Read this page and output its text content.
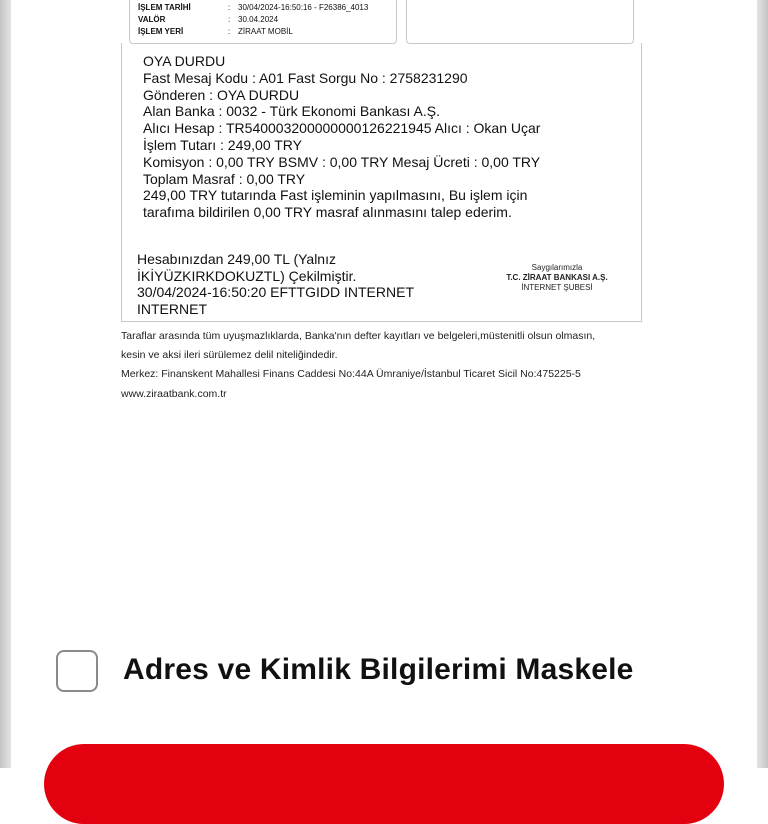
İŞLEM TARİHİ	: 30/04/2024-16:50:16 - F26386_4013
VALÖR	: 30.04.2024
İŞLEM YERİ	: ZİRAAT MOBİL
OYA DURDU
Fast Mesaj Kodu : A01 Fast Sorgu No : 2758231290
Gönderen : OYA DURDU
Alan Banka : 0032 - Türk Ekonomi Bankası A.Ş.
Alıcı Hesap : TR540003200000000126221945 Alıcı : Okan Uçar
İşlem Tutarı : 249,00 TRY
Komisyon : 0,00 TRY BSMV : 0,00 TRY Mesaj Ücreti : 0,00 TRY
Toplam Masraf : 0,00 TRY
249,00 TRY tutarında Fast işleminin yapılmasını, Bu işlem için
tarafıma bildirilen 0,00 TRY masraf alınmasını talep ederim.
Hesabınızdan 249,00 TL (Yalnız
İKİYÜZKIRKDOKUZTL) Çekilmiştir.
30/04/2024-16:50:20 EFTTGIDD INTERNET
INTERNET
Saygılarımızla
T.C. ZİRAAT BANKASI A.Ş.
İNTERNET ŞUBESİ
Taraflar arasında tüm uyuşmazlıklarda, Banka'nın defter kayıtları ve belgeleri,müstenitli olsun olmasın,
kesin ve aksi ileri sürülemez delil niteliğindedir.
Merkez: Finanskent Mahallesi Finans Caddesi No:44A Ümraniye/İstanbul Ticaret Sicil No:475225-5
www.ziraatbank.com.tr
Adres ve Kimlik Bilgilerimi Maskele
